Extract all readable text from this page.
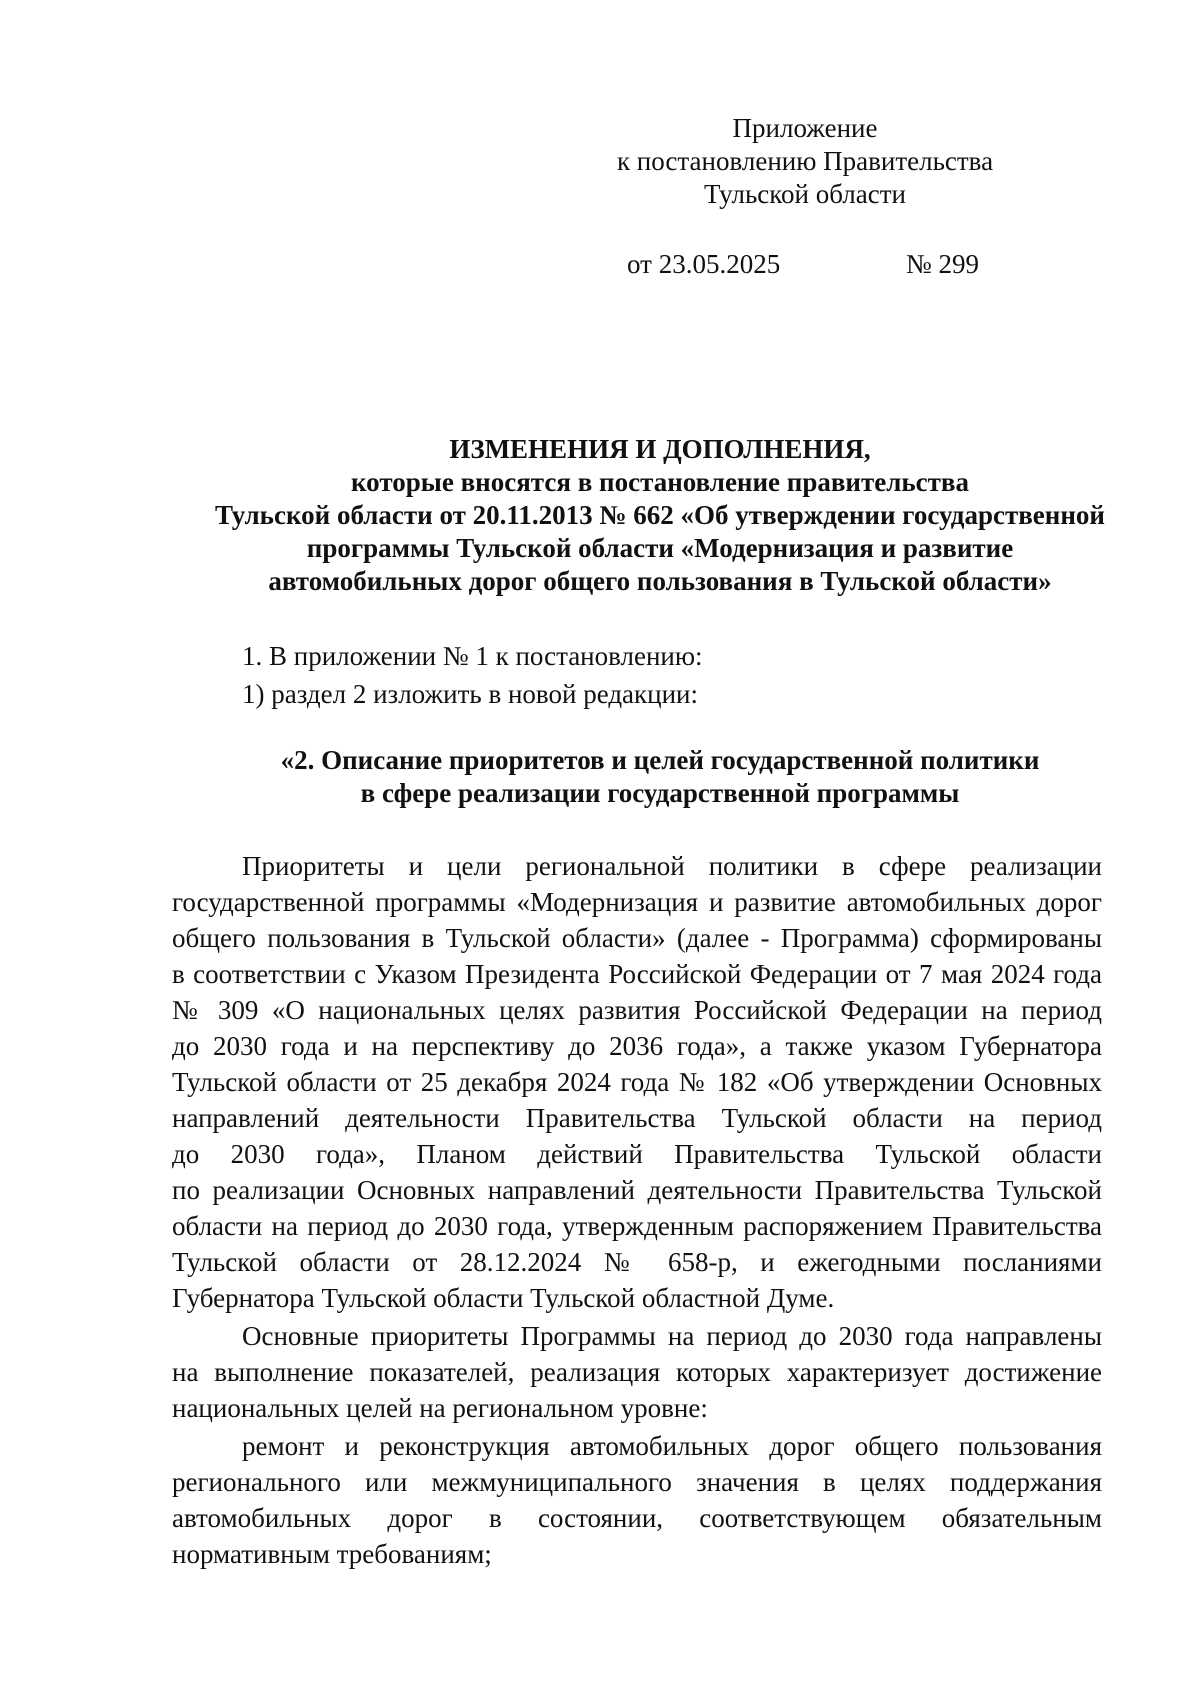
Приложение
к постановлению Правительства
Тульской области
от 23.05.2025	№ 299
ИЗМЕНЕНИЯ И ДОПОЛНЕНИЯ,
которые вносятся в постановление правительства
Тульской области от 20.11.2013 № 662 «Об утверждении государственной
программы Тульской области «Модернизация и развитие
автомобильных дорог общего пользования в Тульской области»
1. В приложении № 1 к постановлению:
1) раздел 2 изложить в новой редакции:
«2. Описание приоритетов и целей государственной политики
в сфере реализации государственной программы
Приоритеты и цели региональной политики в сфере реализации
государственной программы «Модернизация и развитие автомобильных дорог
общего пользования в Тульской области» (далее - Программа) сформированы
в соответствии с Указом Президента Российской Федерации от 7 мая 2024 года
№ 309 «О национальных целях развития Российской Федерации на период
до 2030 года и на перспективу до 2036 года», а также указом Губернатора
Тульской области от 25 декабря 2024 года № 182 «Об утверждении Основных
направлений деятельности Правительства Тульской области на период
до 2030 года», Планом действий Правительства Тульской области
по реализации Основных направлений деятельности Правительства Тульской
области на период до 2030 года, утвержденным распоряжением Правительства
Тульской области от 28.12.2024 № 658-р, и ежегодными посланиями
Губернатора Тульской области Тульской областной Думе.
Основные приоритеты Программы на период до 2030 года направлены
на выполнение показателей, реализация которых характеризует достижение
национальных целей на региональном уровне:
ремонт и реконструкция автомобильных дорог общего пользования
регионального или межмуниципального значения в целях поддержания
автомобильных дорог в состоянии, соответствующем обязательным
нормативным требованиям;
